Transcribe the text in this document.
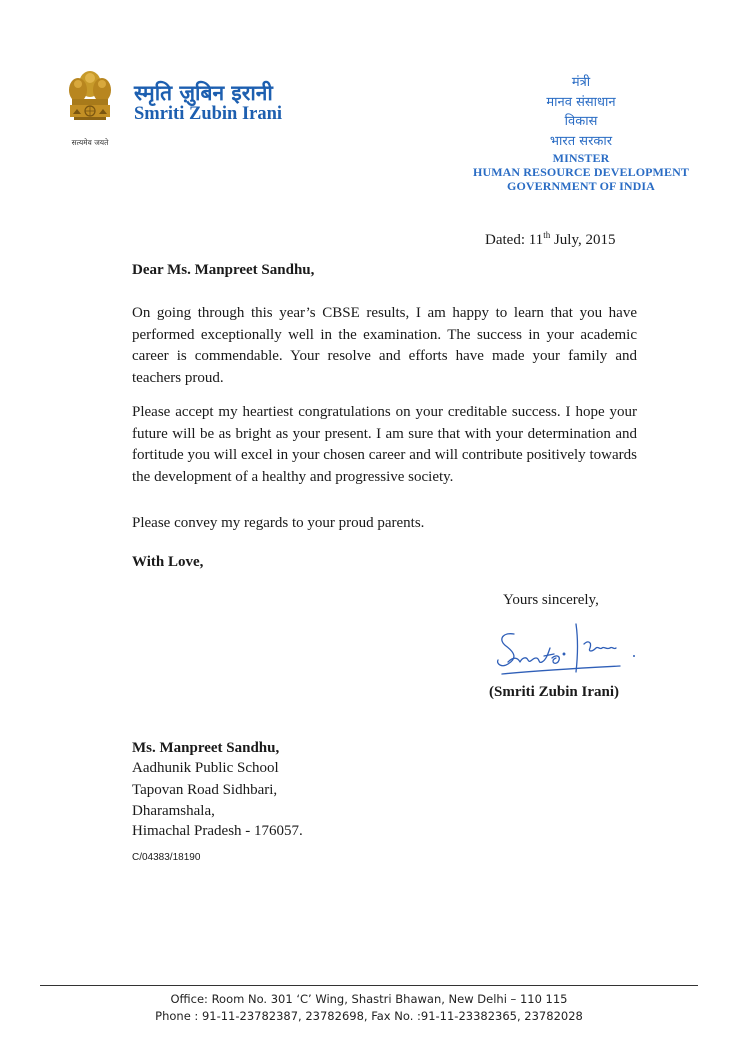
सत्यमेव जयते
स्मृति ज़ुबिन इरानी
Smriti Zubin Irani
मंत्री
मानव संसाधान
विकास
भारत सरकार
MINSTER
HUMAN RESOURCE DEVELOPMENT
GOVERNMENT OF INDIA
Dated: 11th July, 2015
Dear Ms. Manpreet Sandhu,
On going through this year’s CBSE results, I am happy to learn that you have performed exceptionally well in the examination. The success in your academic career is commendable. Your resolve and efforts have made your family and teachers proud.
Please accept my heartiest congratulations on your creditable success. I hope your future will be as bright as your present. I am sure that with your determination and fortitude you will excel in your chosen career and will contribute positively towards the development of a healthy and progressive society.
Please convey my regards to your proud parents.
With Love,
Yours sincerely,
(Smriti Zubin Irani)
Ms. Manpreet Sandhu,
Aadhunik Public School
Tapovan Road Sidhbari,
Dharamshala,
Himachal Pradesh - 176057.
C/04383/18190
Office: Room No. 301 ‘C’ Wing, Shastri Bhawan, New Delhi – 110 115
Phone : 91-11-23782387, 23782698, Fax No. :91-11-23382365, 23782028
